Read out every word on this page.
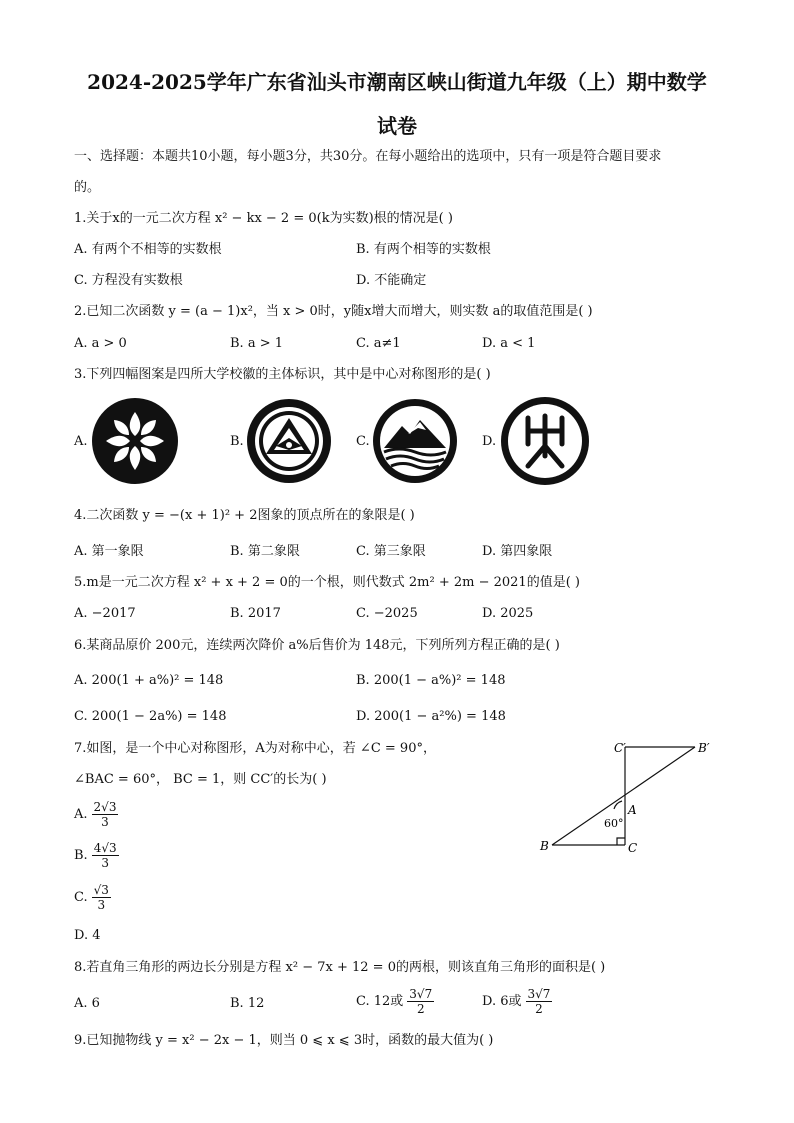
2024-2025学年广东省汕头市潮南区峡山街道九年级（上）期中数学
试卷
一、选择题：本题共10小题，每小题3分，共30分。在每小题给出的选项中，只有一项是符合题目要求
的。
1.关于x的一元二次方程 x² − kx − 2 = 0(k为实数)根的情况是( )
A. 有两个不相等的实数根	B. 有两个相等的实数根
C. 方程没有实数根	D. 不能确定
2.已知二次函数 y = (a − 1)x²，当 x > 0时，y随x增大而增大，则实数 a的取值范围是( )
A. a > 0	B. a > 1	C. a≠1	D. a < 1
3.下列四幅图案是四所大学校徽的主体标识，其中是中心对称图形的是( )
A.	B.	C.	D.
4.二次函数 y = −(x + 1)² + 2图象的顶点所在的象限是( )
A. 第一象限	B. 第二象限	C. 第三象限	D. 第四象限
5.m是一元二次方程 x² + x + 2 = 0的一个根，则代数式 2m² + 2m − 2021的值是( )
A. −2017	B. 2017	C. −2025	D. 2025
6.某商品原价 200元，连续两次降价 a%后售价为 148元，下列所列方程正确的是( )
A. 200(1 + a%)² = 148	B. 200(1 − a%)² = 148
C. 200(1 − 2a%) = 148	D. 200(1 − a²%) = 148
7.如图，是一个中心对称图形，A为对称中心，若 ∠C = 90°，
∠BAC = 60°， BC = 1，则 CC′的长为( )
A. $\frac{2√3}{3}$
B. $\frac{4√3}{3}$
C. $\frac{√3}{3}$
D. 4
C′	B′
A
B	C
60°
8.若直角三角形的两边长分别是方程 x² − 7x + 12 = 0的两根，则该直角三角形的面积是( )
A. 6	B. 12	C. 12或 $\frac{3√7}{2}$	D. 6或 $\frac{3√7}{2}$
9.已知抛物线 y = x² − 2x − 1，则当 0 ⩽ x ⩽ 3时，函数的最大值为( )
